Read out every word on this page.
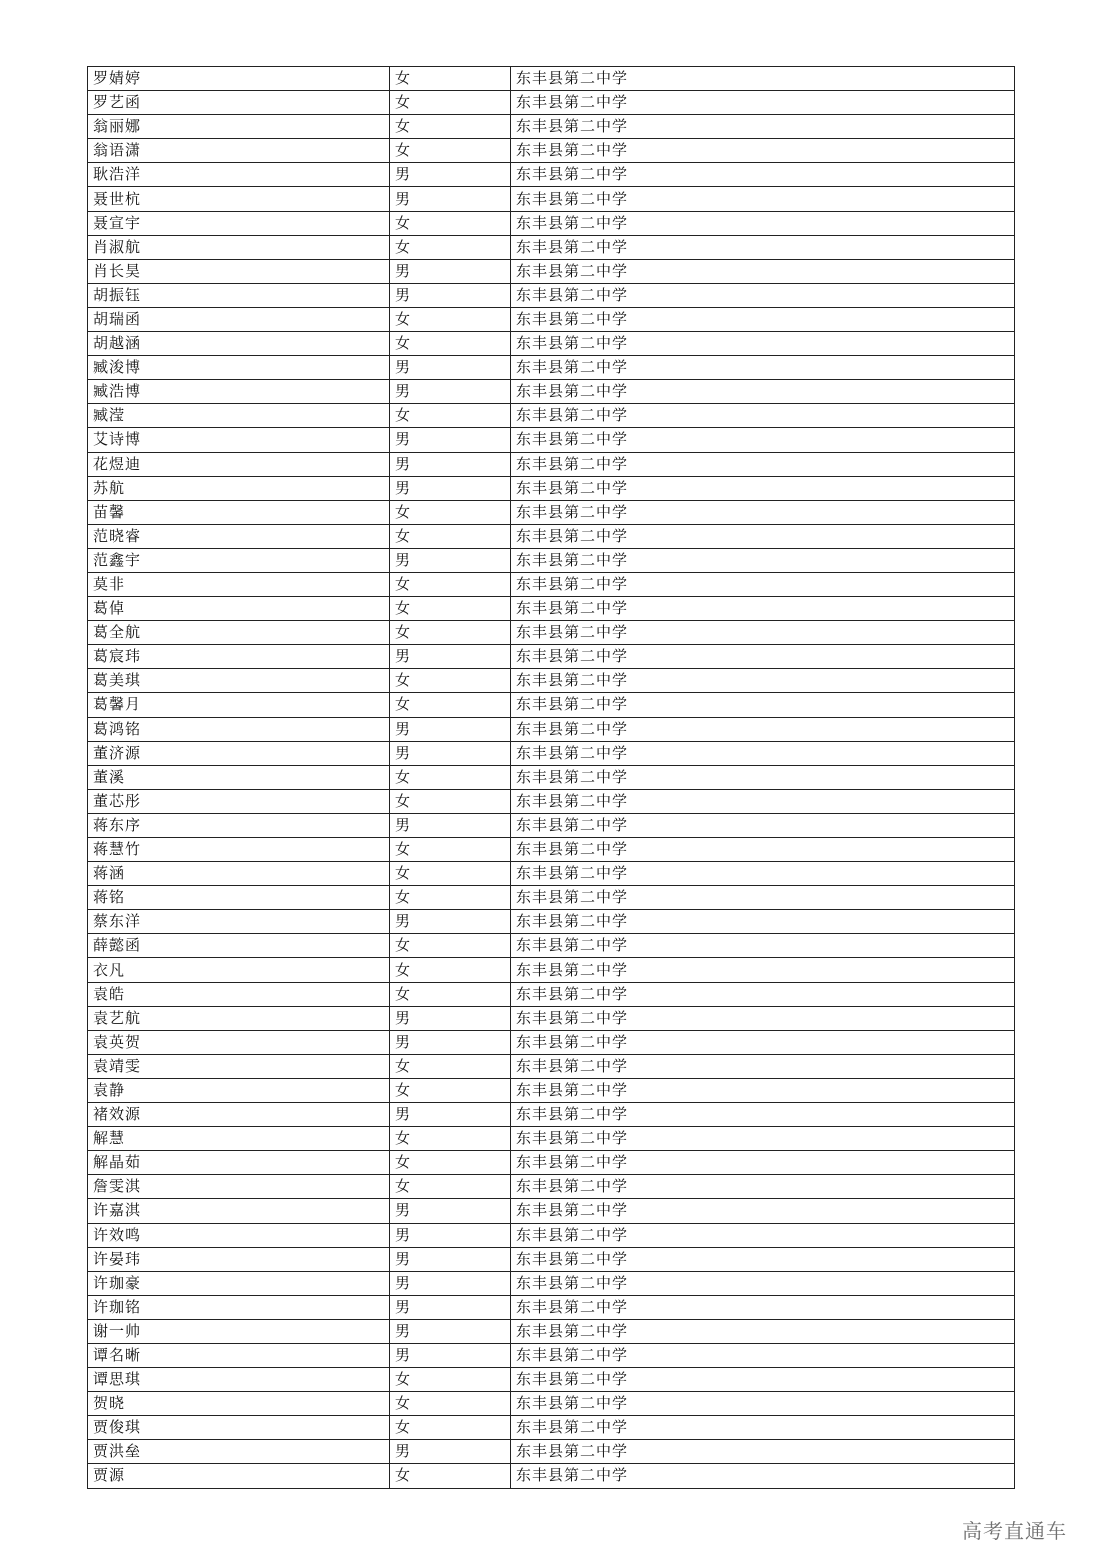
罗婧婷	女	东丰县第二中学
罗艺函	女	东丰县第二中学
翁丽娜	女	东丰县第二中学
翁语潇	女	东丰县第二中学
耿浩洋	男	东丰县第二中学
聂世杭	男	东丰县第二中学
聂宣宇	女	东丰县第二中学
肖淑航	女	东丰县第二中学
肖长昊	男	东丰县第二中学
胡振钰	男	东丰县第二中学
胡瑞函	女	东丰县第二中学
胡越涵	女	东丰县第二中学
臧浚博	男	东丰县第二中学
臧浩博	男	东丰县第二中学
臧滢	女	东丰县第二中学
艾诗博	男	东丰县第二中学
花煜迪	男	东丰县第二中学
苏航	男	东丰县第二中学
苗馨	女	东丰县第二中学
范晓睿	女	东丰县第二中学
范鑫宇	男	东丰县第二中学
莫非	女	东丰县第二中学
葛倬	女	东丰县第二中学
葛全航	女	东丰县第二中学
葛宸玮	男	东丰县第二中学
葛美琪	女	东丰县第二中学
葛馨月	女	东丰县第二中学
葛鸿铭	男	东丰县第二中学
董济源	男	东丰县第二中学
董溪	女	东丰县第二中学
董芯彤	女	东丰县第二中学
蒋东序	男	东丰县第二中学
蒋慧竹	女	东丰县第二中学
蒋涵	女	东丰县第二中学
蒋铭	女	东丰县第二中学
蔡东洋	男	东丰县第二中学
薛懿函	女	东丰县第二中学
衣凡	女	东丰县第二中学
袁皓	女	东丰县第二中学
袁艺航	男	东丰县第二中学
袁英贺	男	东丰县第二中学
袁靖雯	女	东丰县第二中学
袁静	女	东丰县第二中学
褚效源	男	东丰县第二中学
解慧	女	东丰县第二中学
解晶茹	女	东丰县第二中学
詹雯淇	女	东丰县第二中学
许嘉淇	男	东丰县第二中学
许效鸣	男	东丰县第二中学
许晏玮	男	东丰县第二中学
许珈豪	男	东丰县第二中学
许珈铭	男	东丰县第二中学
谢一帅	男	东丰县第二中学
谭名晰	男	东丰县第二中学
谭思琪	女	东丰县第二中学
贺晓	女	东丰县第二中学
贾俊琪	女	东丰县第二中学
贾洪垒	男	东丰县第二中学
贾源	女	东丰县第二中学
高考直通车
